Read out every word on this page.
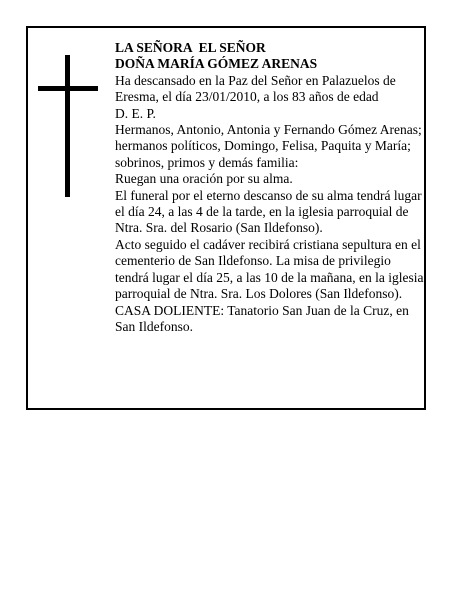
LA SEÑORA  EL SEÑOR

DOÑA MARÍA GÓMEZ ARENAS

Ha descansado en la Paz del Señor en Palazuelos de Eresma, el día 23/01/2010, a los 83 años de edad

D. E. P.

Hermanos, Antonio, Antonia y Fernando Gómez Arenas; hermanos políticos, Domingo, Felisa, Paquita y María; sobrinos, primos y demás familia:

Ruegan una oración por su alma.

El funeral por el eterno descanso de su alma tendrá lugar el día 24, a las 4 de la tarde, en la iglesia parroquial de Ntra. Sra. del Rosario (San Ildefonso).

Acto seguido el cadáver recibirá cristiana sepultura en el cementerio de San Ildefonso. La misa de privilegio tendrá lugar el día 25, a las 10 de la mañana, en la iglesia parroquial de Ntra. Sra. Los Dolores (San Ildefonso).

CASA DOLIENTE: Tanatorio San Juan de la Cruz, en San Ildefonso.
